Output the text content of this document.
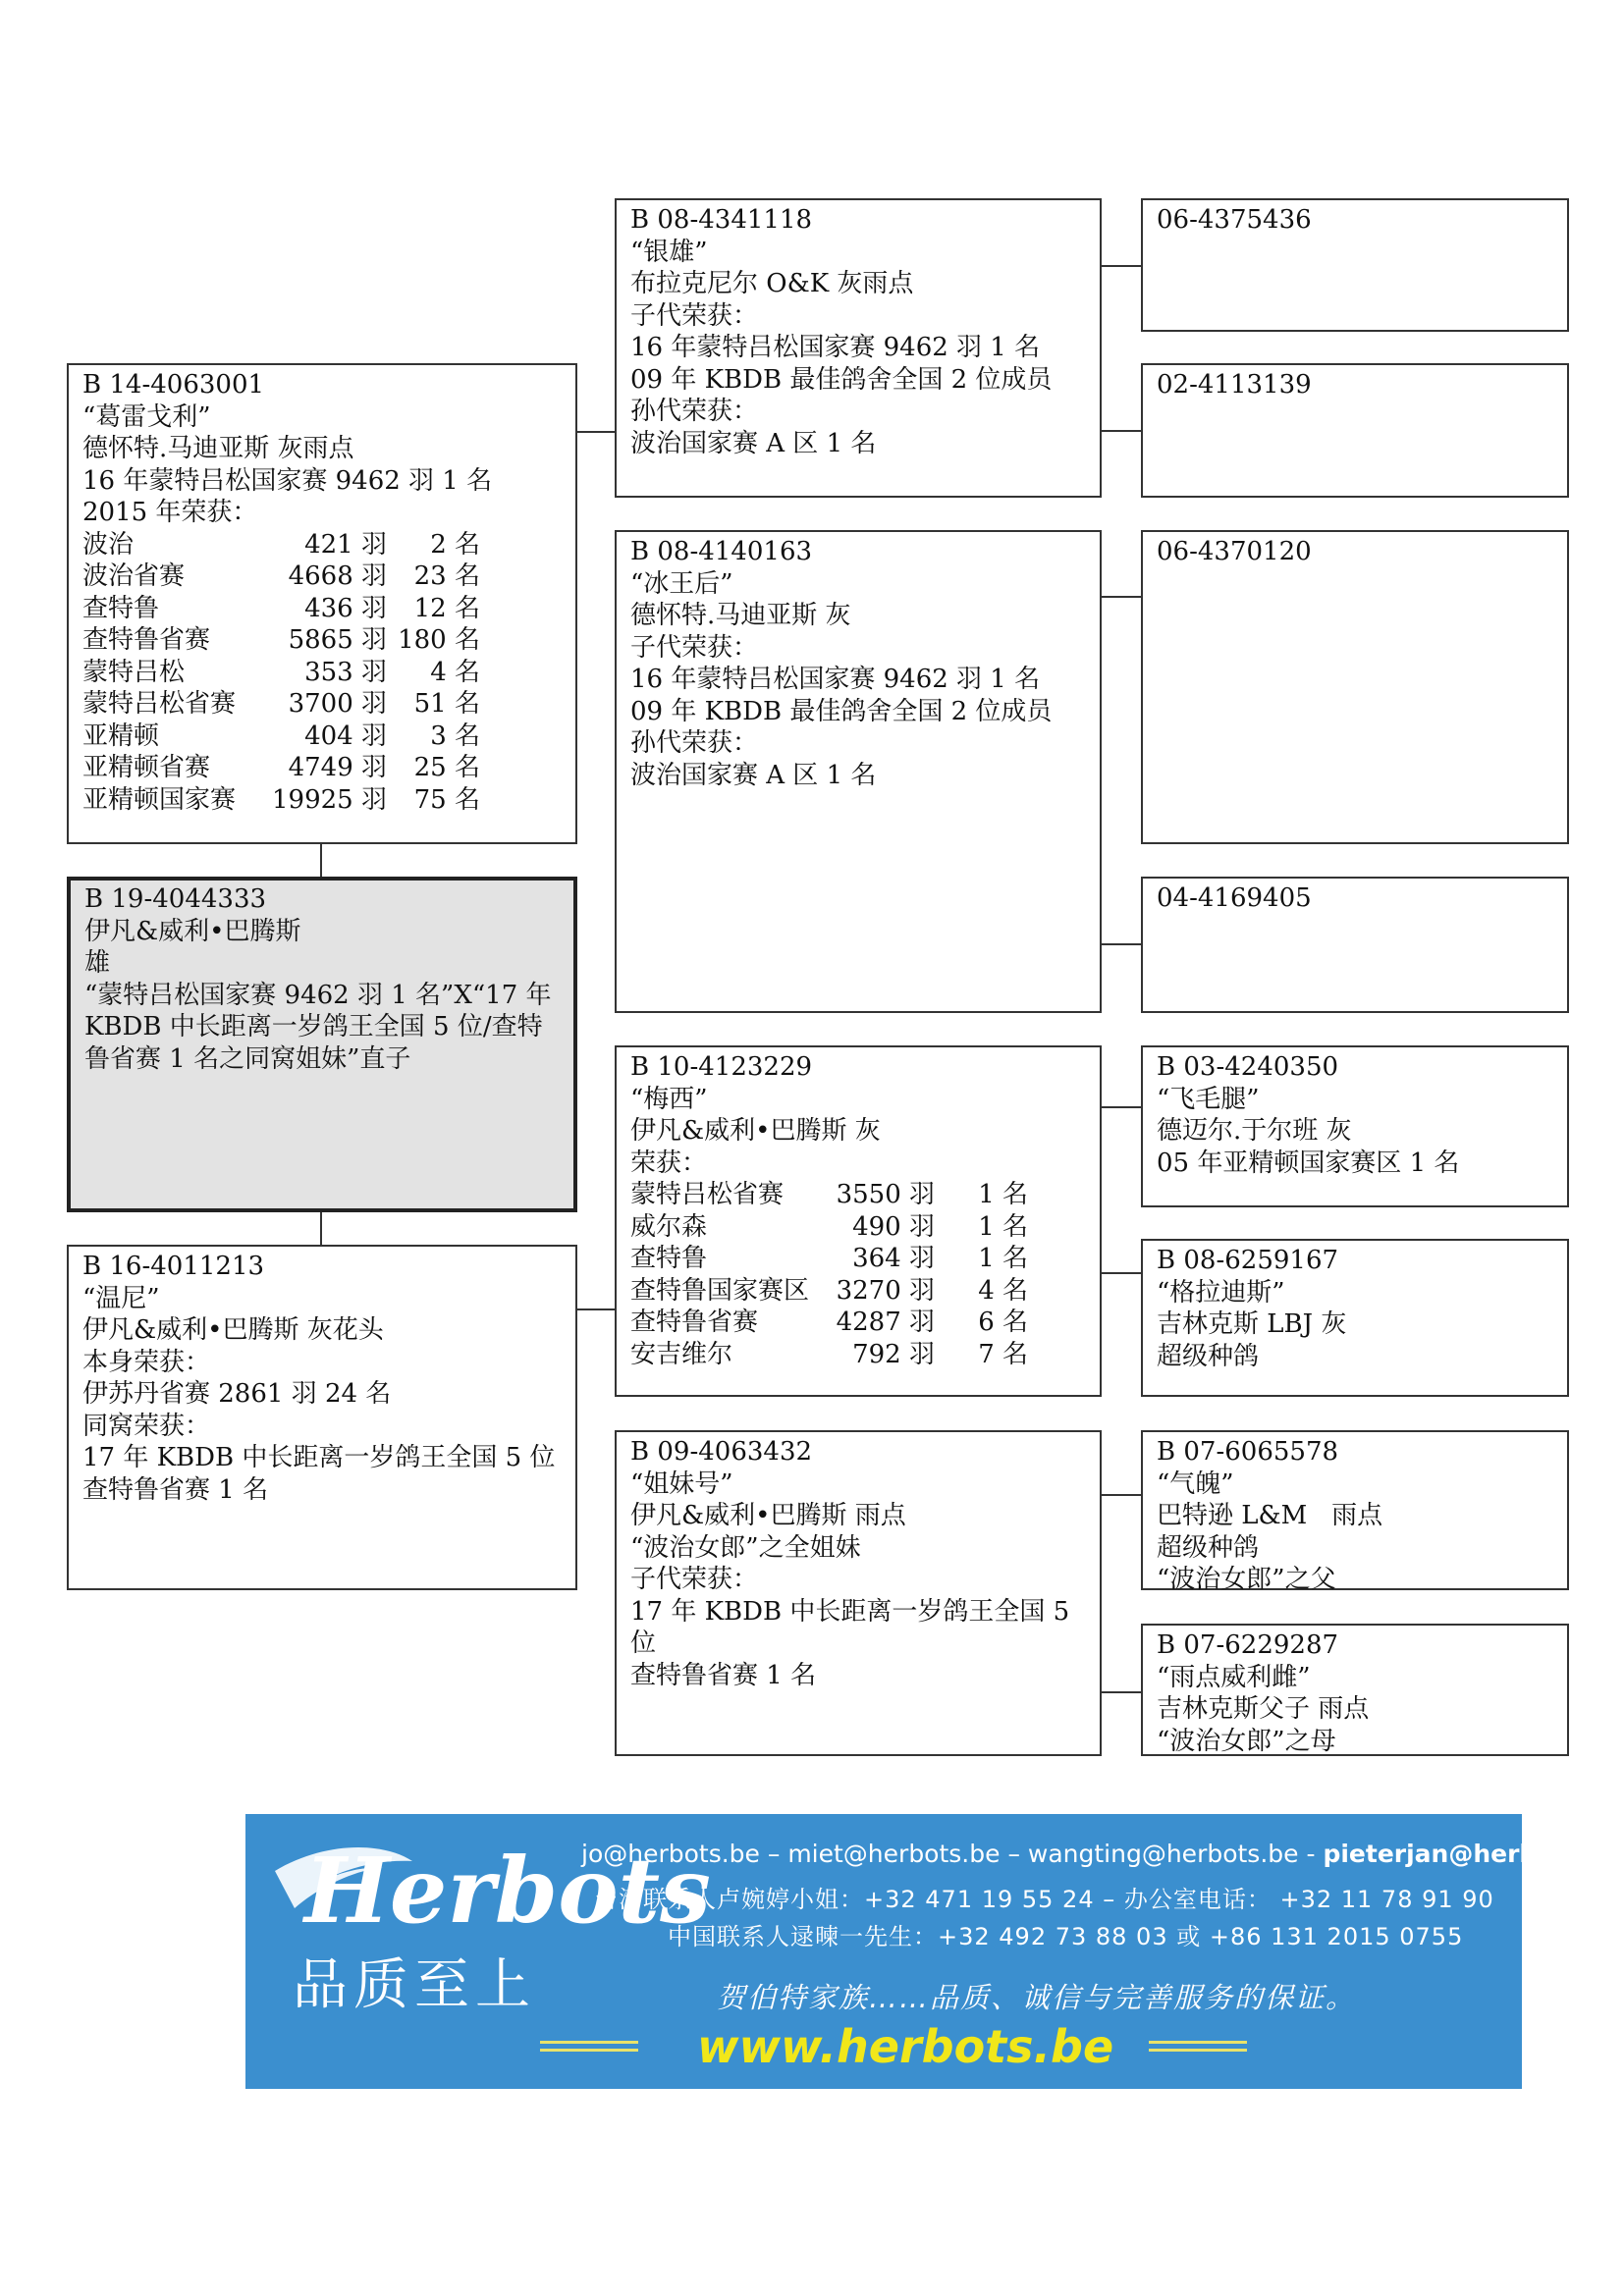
B 19-4044333
伊凡&威利•巴腾斯
雄
“蒙特吕松国家赛 9462 羽 1 名”X“17 年 KBDB 中长距离一岁鸽王全国 5 位/查特鲁省赛 1 名之同窝姐妹”直子
B 14-4063001
“葛雷戈利”
德怀特.马迪亚斯 灰雨点
16 年蒙特吕松国家赛 9462 羽 1 名
2015 年荣获：
波治	421 羽	2 名
波治省赛	4668 羽	23 名
查特鲁	436 羽	12 名
查特鲁省赛	5865 羽 180 名
蒙特吕松	353 羽	4 名
蒙特吕松省赛	3700 羽	51 名
亚精顿	404 羽	3 名
亚精顿省赛	4749 羽	25 名
亚精顿国家赛	19925 羽	75 名
B 16-4011213
“温尼”
伊凡&威利•巴腾斯 灰花头
本身荣获：
伊苏丹省赛 2861 羽 24 名
同窝荣获：
17 年 KBDB 中长距离一岁鸽王全国 5 位
查特鲁省赛 1 名
B 08-4341118
“银雄”
布拉克尼尔 O&K 灰雨点
子代荣获：
16 年蒙特吕松国家赛 9462 羽 1 名
09 年 KBDB 最佳鸽舍全国 2 位成员
孙代荣获：
波治国家赛 A 区 1 名
B 08-4140163
“冰王后”
德怀特.马迪亚斯 灰
子代荣获：
16 年蒙特吕松国家赛 9462 羽 1 名
09 年 KBDB 最佳鸽舍全国 2 位成员
孙代荣获：
波治国家赛 A 区 1 名
B 10-4123229
“梅西”
伊凡&威利•巴腾斯 灰
荣获：
蒙特吕松省赛	3550 羽	1 名
威尔森	490 羽	1 名
查特鲁	364 羽	1 名
查特鲁国家赛区	3270 羽	4 名
查特鲁省赛	4287 羽	6 名
安吉维尔	792 羽	7 名
B 09-4063432
“姐妹号”
伊凡&威利•巴腾斯 雨点
“波治女郎”之全姐妹
子代荣获：
17 年 KBDB 中长距离一岁鸽王全国 5 位
查特鲁省赛 1 名
06-4375436
02-4113139
06-4370120
04-4169405
B 03-4240350
“飞毛腿”
德迈尔.于尔班 灰
05 年亚精顿国家赛区 1 名
B 08-6259167
“格拉迪斯”
吉林克斯 LBJ 灰
超级种鸽
B 07-6065578
“气魄”
巴特逊 L&M   雨点
超级种鸽
“波治女郎”之父
B 07-6229287
“雨点威利雌”
吉林克斯父子 雨点
“波治女郎”之母
Herbots
品质至上
jo@herbots.be – miet@herbots.be – wangting@herbots.be - pieterjan@herbots.be
台湾联系人卢婉婷小姐：+32 471 19 55 24 – 办公室电话： +32 11 78 91 90
中国联系人逯暕一先生：+32 492 73 88 03 或 +86 131 2015 0755
贺伯特家族……品质、诚信与完善服务的保证。
www.herbots.be
